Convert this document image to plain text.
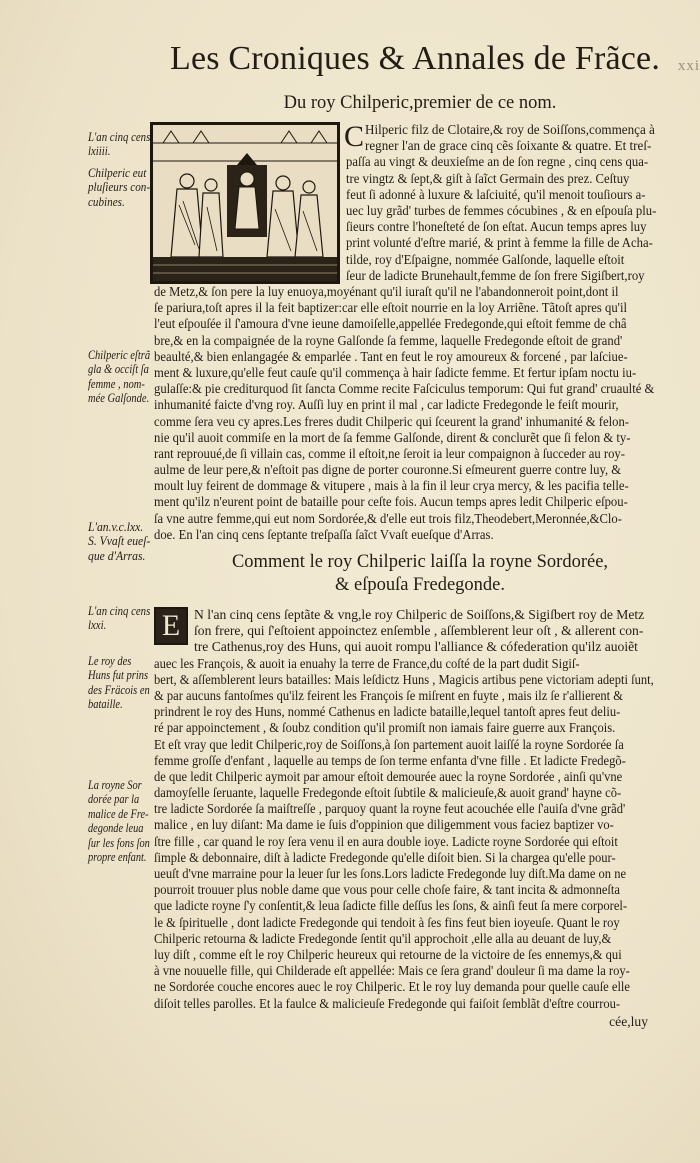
xxi
Les Croniques & Annales de Frãce.
Du roy Chilperic,premier de ce nom.
C Hilperic filz de Clotaire,& roy de Soiſſons,commença à
regner l'an de grace cinq cẽs ſoixante & quatre. Et treſ-
paſſa au vingt & deuxieſme an de ſon regne , cinq cens qua-
tre vingtz & ſept,& giſt à ſaĩct Germain des prez. Ceſtuy
feut ſi adonné à luxure & laſciuité, qu'il menoit touſiours a-
uec luy grãd' turbes de femmes cócubines , & en eſpouſa plu-
ſieurs contre l'honeſteté de ſon eſtat. Aucun temps apres luy
print volunté d'eſtre marié, & print à femme la fille de Acha-
tilde, roy d'Eſpaigne, nommée Galſonde, laquelle eſtoit
ſeur de ladicte Brunehault,femme de ſon frere Sigiſbert,roy
de Metz,& ſon pere la luy enuoya,moyénant qu'il iuraſt qu'il ne l'abandonneroit point,dont il
ſe pariura,toſt apres il la feit baptizer:car elle eſtoit nourrie en la loy Arriẽne. Tãtoſt apres qu'il
l'eut eſpouſée il ſ'amoura d'vne ieune damoiſelle,appellée Fredegonde,qui eſtoit femme de châ
bre,& en la compaignée de la royne Galſonde ſa femme, laquelle Fredegonde eſtoit de grand'
beaulté,& bien enlangagée & emparlée . Tant en feut le roy amoureux & forcené , par laſciue-
ment & luxure,qu'elle feut cauſe qu'il commença à hair ſadicte femme. Et fertur ipſam noctu iu-
gulaſſe:& pie crediturquod ſit ſancta Comme recite Faſciculus temporum: Qui fut grand' cruaulté &
inhumanité faicte d'vng roy. Auſſi luy en print il mal , car ladicte Fredegonde le feiſt mourir,
comme ſera veu cy apres.Les freres dudit Chilperic qui ſceurent la grand' inhumanité & felon-
nie qu'il auoit commiſe en la mort de ſa femme Galſonde, dirent & conclurẽt que ſi felon & ty-
rant reprouué,de ſi villain cas, comme il eſtoit,ne ſeroit ia leur compaignon à ſucceder au roy-
aulme de leur pere,& n'eſtoit pas digne de porter couronne.Si eſmeurent guerre contre luy, &
moult luy feirent de dommage & vitupere , mais à la fin il leur crya mercy, & les pacifia telle-
ment qu'ilz n'eurent point de bataille pour ceſte fois. Aucun temps apres ledit Chilperic eſpou-
ſa vne autre femme,qui eut nom Sordorée,& d'elle eut trois filz,Theodebert,Meronnée,&Clo-
doe. En l'an cinq cens ſeptante treſpaſſa ſaĩct Vvaſt eueſque d'Arras.
Comment le roy Chilperic laiſſa la royne Sordorée,
& eſpouſa Fredegonde.
E	N l'an cinq cens ſeptãte & vng,le roy Chilperic de Soiſſons,& Sigiſbert roy de Metz
ſon frere, qui ſ'eſtoient appoinctez enſemble , aſſemblerent leur oſt , & allerent con-
tre Cathenus,roy des Huns, qui auoit rompu l'alliance & cófederation qu'ilz auoiẽt
auec les François, & auoit ia enuahy la terre de France,du coſté de la part dudit Sigiſ-
bert, & aſſemblerent leurs batailles: Mais leſdictz Huns , Magicis artibus pene victoriam adepti ſunt,
& par aucuns fantoſmes qu'ilz feirent les François ſe miſrent en fuyte , mais ilz ſe r'allierent &
prindrent le roy des Huns, nommé Cathenus en ladicte bataille,lequel tantoſt apres feut deliu-
ré par appoinctement , & ſoubz condition qu'il promiſt non iamais faire guerre aux François.
Et eſt vray que ledit Chilperic,roy de Soiſſons,à ſon partement auoit laiſſé la royne Sordorée ſa
femme groſſe d'enfant , laquelle au temps de ſon terme enfanta d'vne fille . Et ladicte Fredegõ-
de que ledit Chilperic aymoit par amour eſtoit demourée auec la royne Sordorée , ainſi qu'vne
damoyſelle ſeruante, laquelle Fredegonde eſtoit ſubtile & malicieuſe,& auoit grand' hayne cõ-
tre ladicte Sordorée ſa maiſtreſſe , parquoy quant la royne feut acouchée elle ſ'auiſa d'vne grãd'
malice , en luy diſant: Ma dame ie ſuis d'oppinion que diligemment vous faciez baptizer vo-
ſtre fille , car quand le roy ſera venu il en aura double ioye. Ladicte royne Sordorée qui eſtoit
ſimple & debonnaire, diſt à ladicte Fredegonde qu'elle diſoit bien. Si la chargea qu'elle pour-
ueuſt d'vne marraine pour la leuer ſur les ſons.Lors ladicte Fredegonde luy diſt.Ma dame on ne
pourroit trouuer plus noble dame que vous pour celle choſe faire, & tant incita & admonneſta
que ladicte royne ſ'y conſentit,& leua ſadicte fille deſſus les ſons, & ainſi feut ſa mere corporel-
le & ſpirituelle , dont ladicte Fredegonde qui tendoit à ſes fins feut bien ioyeuſe. Quant le roy
Chilperic retourna & ladicte Fredegonde ſentit qu'il approchoit ,elle alla au deuant de luy,&
luy diſt , comme eſt le roy Chilperic heureux qui retourne de la victoire de ſes ennemys,& qui
à vne nouuelle fille, qui Childerade eſt appellée: Mais ce ſera grand' douleur ſi ma dame la roy-
ne Sordorée couche encores auec le roy Chilperic. Et le roy luy demanda pour quelle cauſe elle
diſoit telles parolles. Et la faulce & malicieuſe Fredegonde qui faiſoit ſemblãt d'eſtre courrou-
cée,luy
L'an cinq cens
lxiiii.
Chilperic eut
pluſieurs con-
cubines.
Chilperic eſtrã
gla & occiſt ſa
femme , nom-
mée Galſonde.
L'an.v.c.lxx.
S. Vvaſt eueſ-
que d'Arras.
L'an cinq cens
lxxi.
Le roy des
Huns fut prins
des Fräcois en
bataille.
La royne Sor
dorée par la
malice de Fre-
degonde leua
ſur les fons ſon
propre enfant.
